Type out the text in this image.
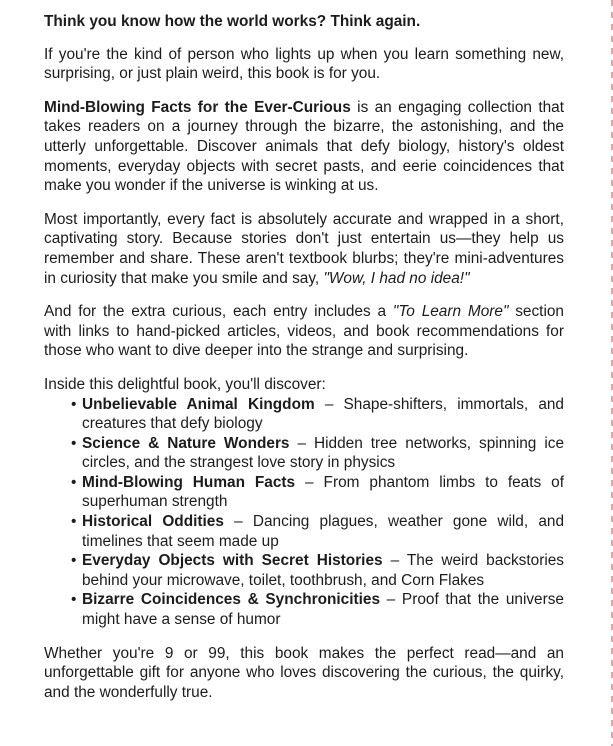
Think you know how the world works? Think again.

If you're the kind of person who lights up when you learn something new, surprising, or just plain weird, this book is for you.

Mind-Blowing Facts for the Ever-Curious is an engaging collection that takes readers on a journey through the bizarre, the astonishing, and the utterly unforgettable. Discover animals that defy biology, history's oldest moments, everyday objects with secret pasts, and eerie coincidences that make you wonder if the universe is winking at us.

Most importantly, every fact is absolutely accurate and wrapped in a short, captivating story. Because stories don't just entertain us—they help us remember and share. These aren't textbook blurbs; they're mini-adventures in curiosity that make you smile and say, "Wow, I had no idea!"

And for the extra curious, each entry includes a "To Learn More" section with links to hand-picked articles, videos, and book recommendations for those who want to dive deeper into the strange and surprising.

Inside this delightful book, you'll discover:

• Unbelievable Animal Kingdom – Shape-shifters, immortals, and creatures that defy biology
• Science & Nature Wonders – Hidden tree networks, spinning ice circles, and the strangest love story in physics
• Mind-Blowing Human Facts – From phantom limbs to feats of superhuman strength
• Historical Oddities – Dancing plagues, weather gone wild, and timelines that seem made up
• Everyday Objects with Secret Histories – The weird backstories behind your microwave, toilet, toothbrush, and Corn Flakes
• Bizarre Coincidences & Synchronicities – Proof that the universe might have a sense of humor

Whether you're 9 or 99, this book makes the perfect read—and an unforgettable gift for anyone who loves discovering the curious, the quirky, and the wonderfully true.
